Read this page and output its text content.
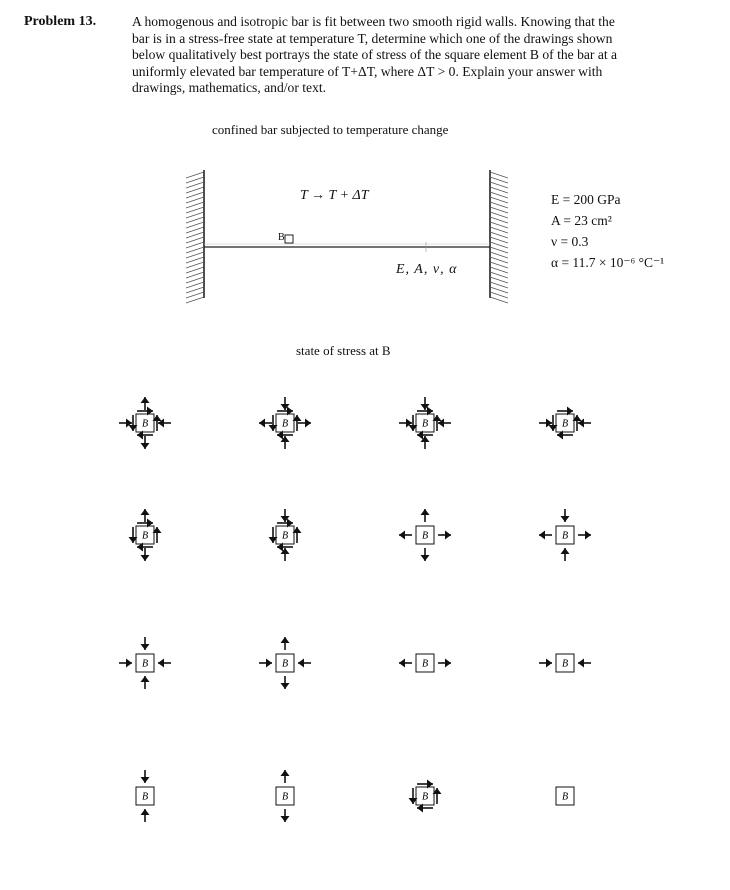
Problem 13.	A homogenous and isotropic bar is fit between two smooth rigid walls. Knowing that the

bar is in a stress-free state at temperature T, determine which one of the drawings shown

below qualitatively best portrays the state of stress of the square element B of the bar at a

uniformly elevated bar temperature of T+ΔT, where ΔT > 0. Explain your answer with

drawings, mathematics, and/or text.

confined bar subjected to temperature change
B	B	B	B
B	B	B	B
B	B	B	B
B	B	B	B
T → T + ΔT
B
E, A, ν, α
E = 200 GPa
A = 23 cm²
ν = 0.3
α = 11.7 × 10⁻⁶ °C⁻¹
state of stress at B
